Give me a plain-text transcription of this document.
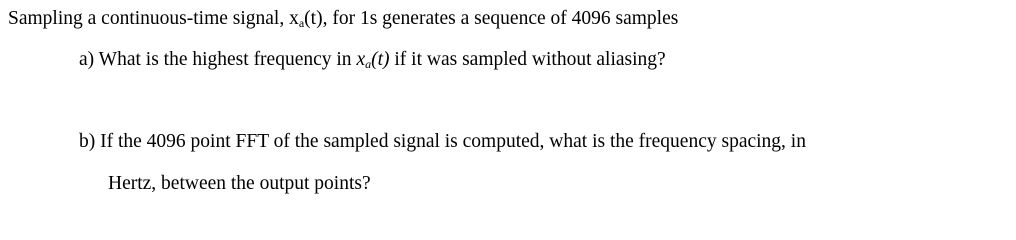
Sampling a continuous-time signal, $x_a(t)$, for 1s generates a sequence of 4096 samples
a) What is the highest frequency in $x_a(t)$ if it was sampled without aliasing?
b) If the 4096 point FFT of the sampled signal is computed, what is the frequency spacing, in
Hertz, between the output points?
